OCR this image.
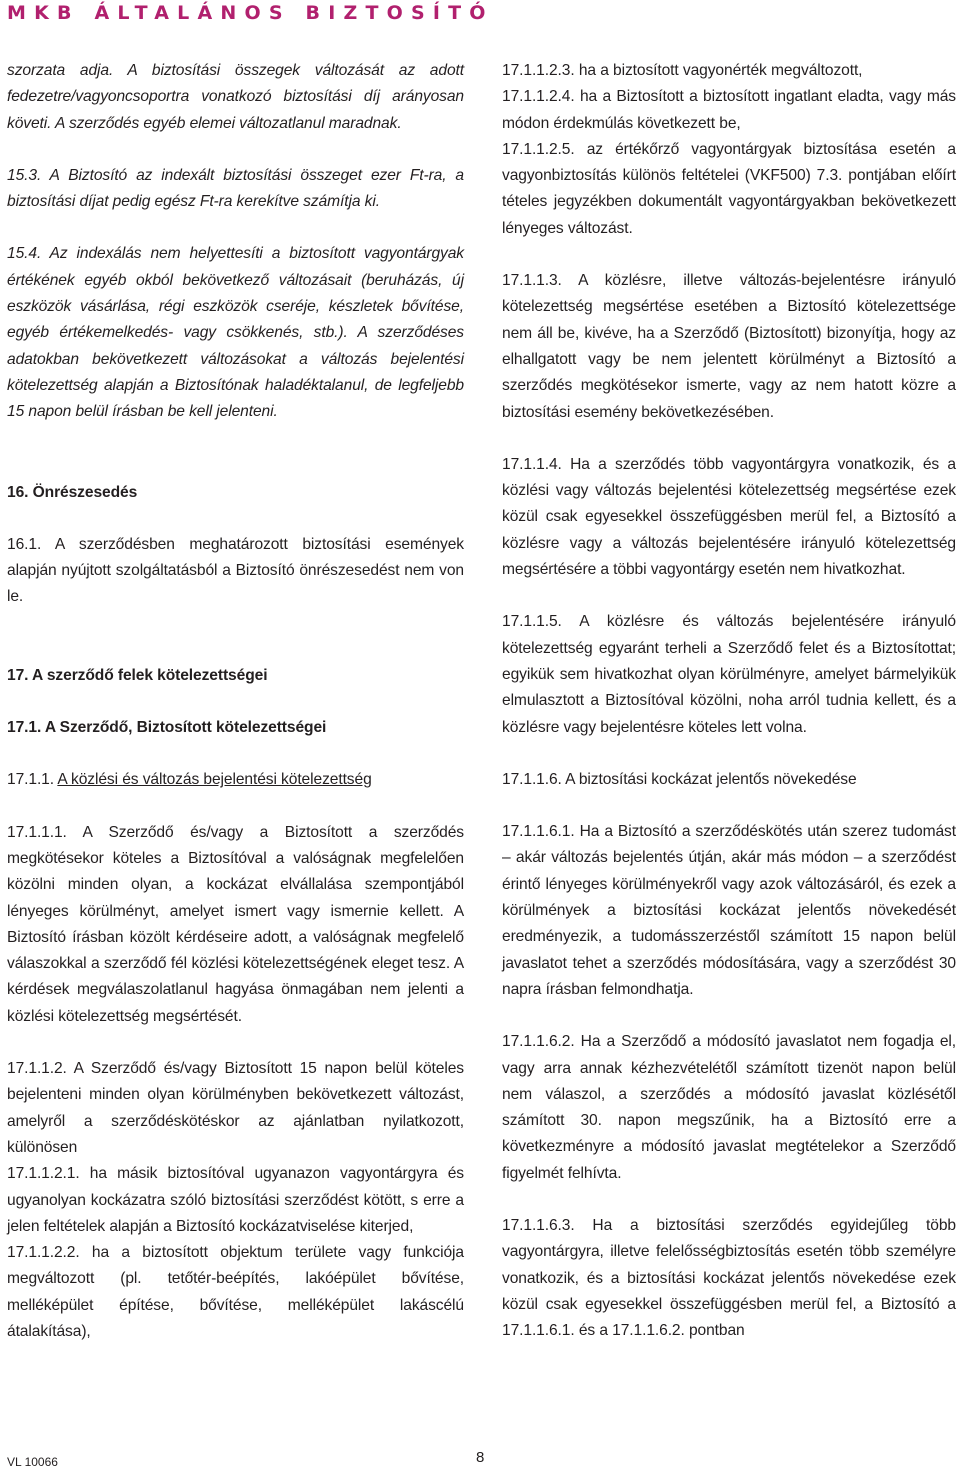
MKB ÁLTALÁNOS BIZTOSÍTÓ

szorzata adja. A biztosítási összegek változását az adott fedezetre/vagyoncsoportra vonatkozó biztosítási díj arányosan követi. A szerződés egyéb elemei változatlanul maradnak.

15.3. A Biztosító az indexált biztosítási összeget ezer Ft-ra, a biztosítási díjat pedig egész Ft-ra kerekítve számítja ki.

15.4. Az indexálás nem helyettesíti a biztosított vagyontárgyak értékének egyéb okból bekövetkező változásait (beruházás, új eszközök vásárlása, régi eszközök cseréje, készletek bővítése, egyéb értékemelkedés- vagy csökkenés, stb.). A szerződéses adatokban bekövetkezett változásokat a változás bejelentési kötelezettség alapján a Biztosítónak haladéktalanul, de legfeljebb 15 napon belül írásban be kell jelenteni.

16. Önrészesedés

16.1. A szerződésben meghatározott biztosítási események alapján nyújtott szolgáltatásból a Biztosító önrészesedést nem von le.

17. A szerződő felek kötelezettségei
17.1. A Szerződő, Biztosított kötelezettségei

17.1.1. A közlési és változás bejelentési kötelezettség

17.1.1.1. A Szerződő és/vagy a Biztosított a szerződés megkötésekor köteles a Biztosítóval a valóságnak megfelelően közölni minden olyan, a kockázat elvállalása szempontjából lényeges körülményt, amelyet ismert vagy ismernie kellett. A Biztosító írásban közölt kérdéseire adott, a valóságnak megfelelő válaszokkal a szerződő fél közlési kötelezettségének eleget tesz. A kérdések megválaszolatlanul hagyása önmagában nem jelenti a közlési kötelezettség megsértését.

17.1.1.2. A Szerződő és/vagy Biztosított 15 napon belül köteles bejelenteni minden olyan körülményben bekövetkezett változást, amelyről a szerződéskötéskor az ajánlatban nyilatkozott, különösen

17.1.1.2.1. ha másik biztosítóval ugyanazon vagyontárgyra és ugyanolyan kockázatra szóló biztosítási szerződést kötött, s erre a jelen feltételek alapján a Biztosító kockázatviselése kiterjed,

17.1.1.2.2. ha a biztosított objektum területe vagy funkciója megváltozott (pl. tetőtér-beépítés, lakóépület bővítése, melléképület építése, bővítése, melléképület lakáscélú átalakítása),

17.1.1.2.3. ha a biztosított vagyonérték megváltozott,

17.1.1.2.4. ha a Biztosított a biztosított ingatlant eladta, vagy más módon érdekmúlás következett be,

17.1.1.2.5. az értékőrző vagyontárgyak biztosítása esetén a vagyonbiztosítás különös feltételei (VKF500) 7.3. pontjában előírt tételes jegyzékben dokumentált vagyontárgyakban bekövetkezett lényeges változást.

17.1.1.3. A közlésre, illetve változás-bejelentésre irányuló kötelezettség megsértése esetében a Biztosító kötelezettsége nem áll be, kivéve, ha a Szerződő (Biztosított) bizonyítja, hogy az elhallgatott vagy be nem jelentett körülményt a Biztosító a szerződés megkötésekor ismerte, vagy az nem hatott közre a biztosítási esemény bekövetkezésében.

17.1.1.4. Ha a szerződés több vagyontárgyra vonatkozik, és a közlési vagy változás bejelentési kötelezettség megsértése ezek közül csak egyesekkel összefüggésben merül fel, a Biztosító a közlésre vagy a változás bejelentésére irányuló kötelezettség megsértésére a többi vagyontárgy esetén nem hivatkozhat.

17.1.1.5. A közlésre és változás bejelentésére irányuló kötelezettség egyaránt terheli a Szerződő felet és a Biztosítottat; egyikük sem hivatkozhat olyan körülményre, amelyet bármelyikük elmulasztott a Biztosítóval közölni, noha arról tudnia kellett, és a közlésre vagy bejelentésre köteles lett volna.

17.1.1.6. A biztosítási kockázat jelentős növekedése

17.1.1.6.1. Ha a Biztosító a szerződéskötés után szerez tudomást – akár változás bejelentés útján, akár más módon – a szerződést érintő lényeges körülményekről vagy azok változásáról, és ezek a körülmények a biztosítási kockázat jelentős növekedését eredményezik, a tudomásszerzéstől számított 15 napon belül javaslatot tehet a szerződés módosítására, vagy a szerződést 30 napra írásban felmondhatja.

17.1.1.6.2. Ha a Szerződő a módosító javaslatot nem fogadja el, vagy arra annak kézhezvételétől számított tizenöt napon belül nem válaszol, a szerződés a módosító javaslat közlésétől számított 30. napon megszűnik, ha a Biztosító erre a következményre a módosító javaslat megtételekor a Szerződő figyelmét felhívta.

17.1.1.6.3. Ha a biztosítási szerződés egyidejűleg több vagyontárgyra, illetve felelősségbiztosítás esetén több személyre vonatkozik, és a biztosítási kockázat jelentős növekedése ezek közül csak egyesekkel összefüggésben merül fel, a Biztosító a 17.1.1.6.1. és a 17.1.1.6.2. pontban

VL 10066	8
